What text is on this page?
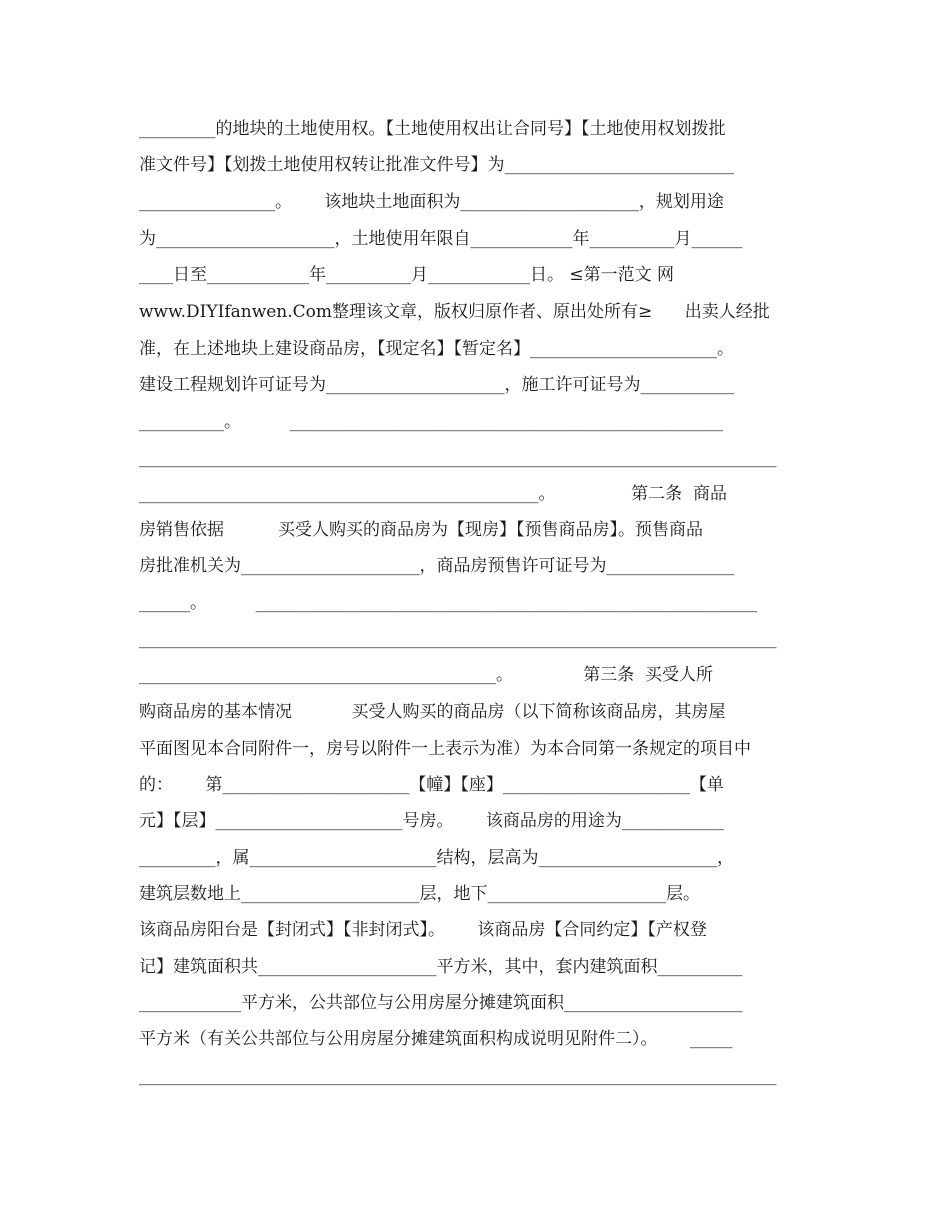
_________的地块的土地使用权。【土地使用权出让合同号】【土地使用权划拨批
准文件号】【划拨土地使用权转让批准文件号】为___________________________
________________。      该地块土地面积为_____________________，规划用途
为_____________________，土地使用年限自____________年__________月______
____日至____________年__________月____________日。 ≤第一范文 网
www.DIYIfanwen.Com整理该文章，版权归原作者、原出处所有≥      出卖人经批
准，在上述地块上建设商品房，【现定名】【暂定名】______________________。
建设工程规划许可证号为_____________________，施工许可证号为___________
__________。         ___________________________________________________
___________________________________________________________________________
_______________________________________________。              第二条  商品
房销售依据          买受人购买的商品房为【现房】【预售商品房】。预售商品
房批准机关为_____________________，商品房预售许可证号为_______________
______。         ___________________________________________________________
___________________________________________________________________________
__________________________________________。             第三条  买受人所
购商品房的基本情况           买受人购买的商品房（以下简称该商品房，其房屋
平面图见本合同附件一，房号以附件一上表示为准）为本合同第一条规定的项目中
的：      第______________________【幢】【座】______________________【单
元】【层】______________________号房。      该商品房的用途为____________
_________，属______________________结构，层高为_____________________，
建筑层数地上_____________________层，地下_____________________层。
该商品房阳台是【封闭式】【非封闭式】。      该商品房【合同约定】【产权登
记】建筑面积共_____________________平方米，其中，套内建筑面积__________
____________平方米，公共部位与公用房屋分摊建筑面积_____________________
平方米（有关公共部位与公用房屋分摊建筑面积构成说明见附件二）。      _____
___________________________________________________________________________
